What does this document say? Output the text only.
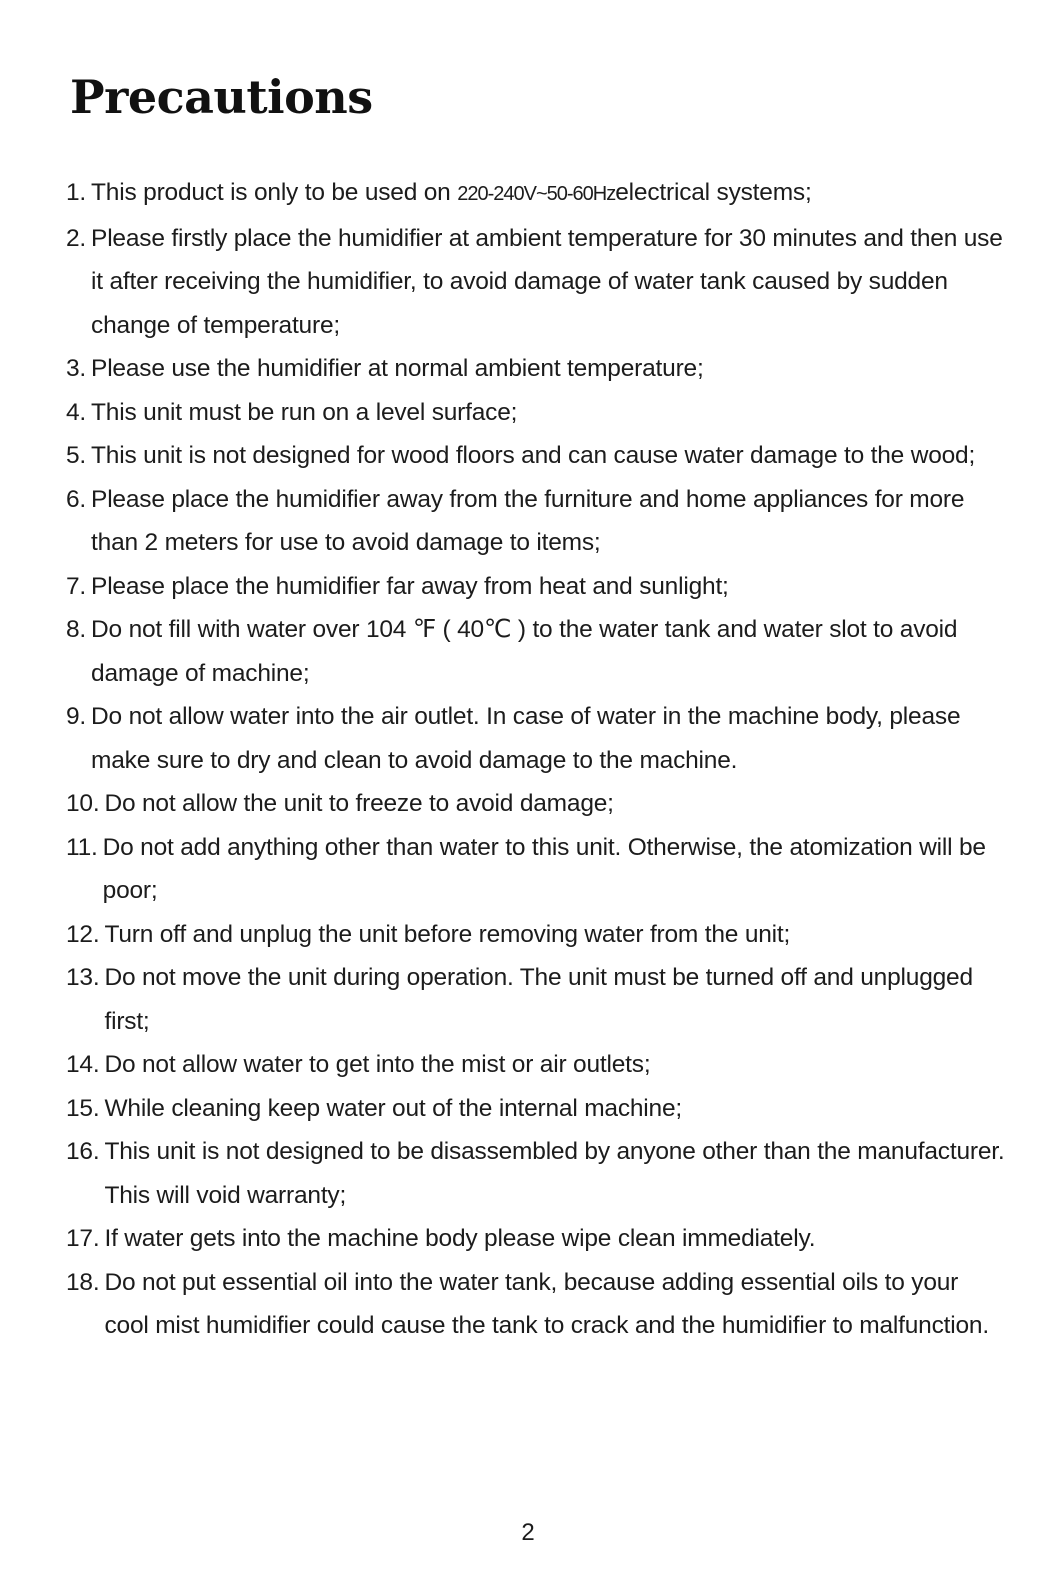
Precautions
1. This product is only to be used on 220-240V~50-60Hzelectrical systems;
2. Please firstly place the humidifier at ambient temperature for 30 minutes and then use it after receiving the humidifier, to avoid damage of water tank caused by sudden change of temperature;
3. Please use the humidifier at normal ambient temperature;
4. This unit must be run on a level surface;
5. This unit is not designed for wood floors and can cause water damage to the wood;
6. Please place the humidifier away from the furniture and home appliances for more than 2 meters for use to avoid damage to items;
7. Please place the humidifier far away from heat and sunlight;
8. Do not fill with water over 104 ℉ ( 40℃ ) to the water tank and water slot to avoid damage of machine;
9. Do not allow water into the air outlet. In case of water in the machine body, please make sure to dry and clean to avoid damage to the machine.
10. Do not allow the unit to freeze to avoid damage;
11. Do not add anything other than water to this unit. Otherwise, the atomization will be poor;
12. Turn off and unplug the unit before removing water from the unit;
13. Do not move the unit during operation. The unit must be turned off and unplugged first;
14. Do not allow water to get into the mist or air outlets;
15. While cleaning keep water out of the internal machine;
16. This unit is not designed to be disassembled by anyone other than the manufacturer. This will void warranty;
17. If water gets into the machine body please wipe clean immediately.
18. Do not put essential oil into the water tank, because adding essential oils to your cool mist humidifier could cause the tank to crack and the humidifier to malfunction.
2
